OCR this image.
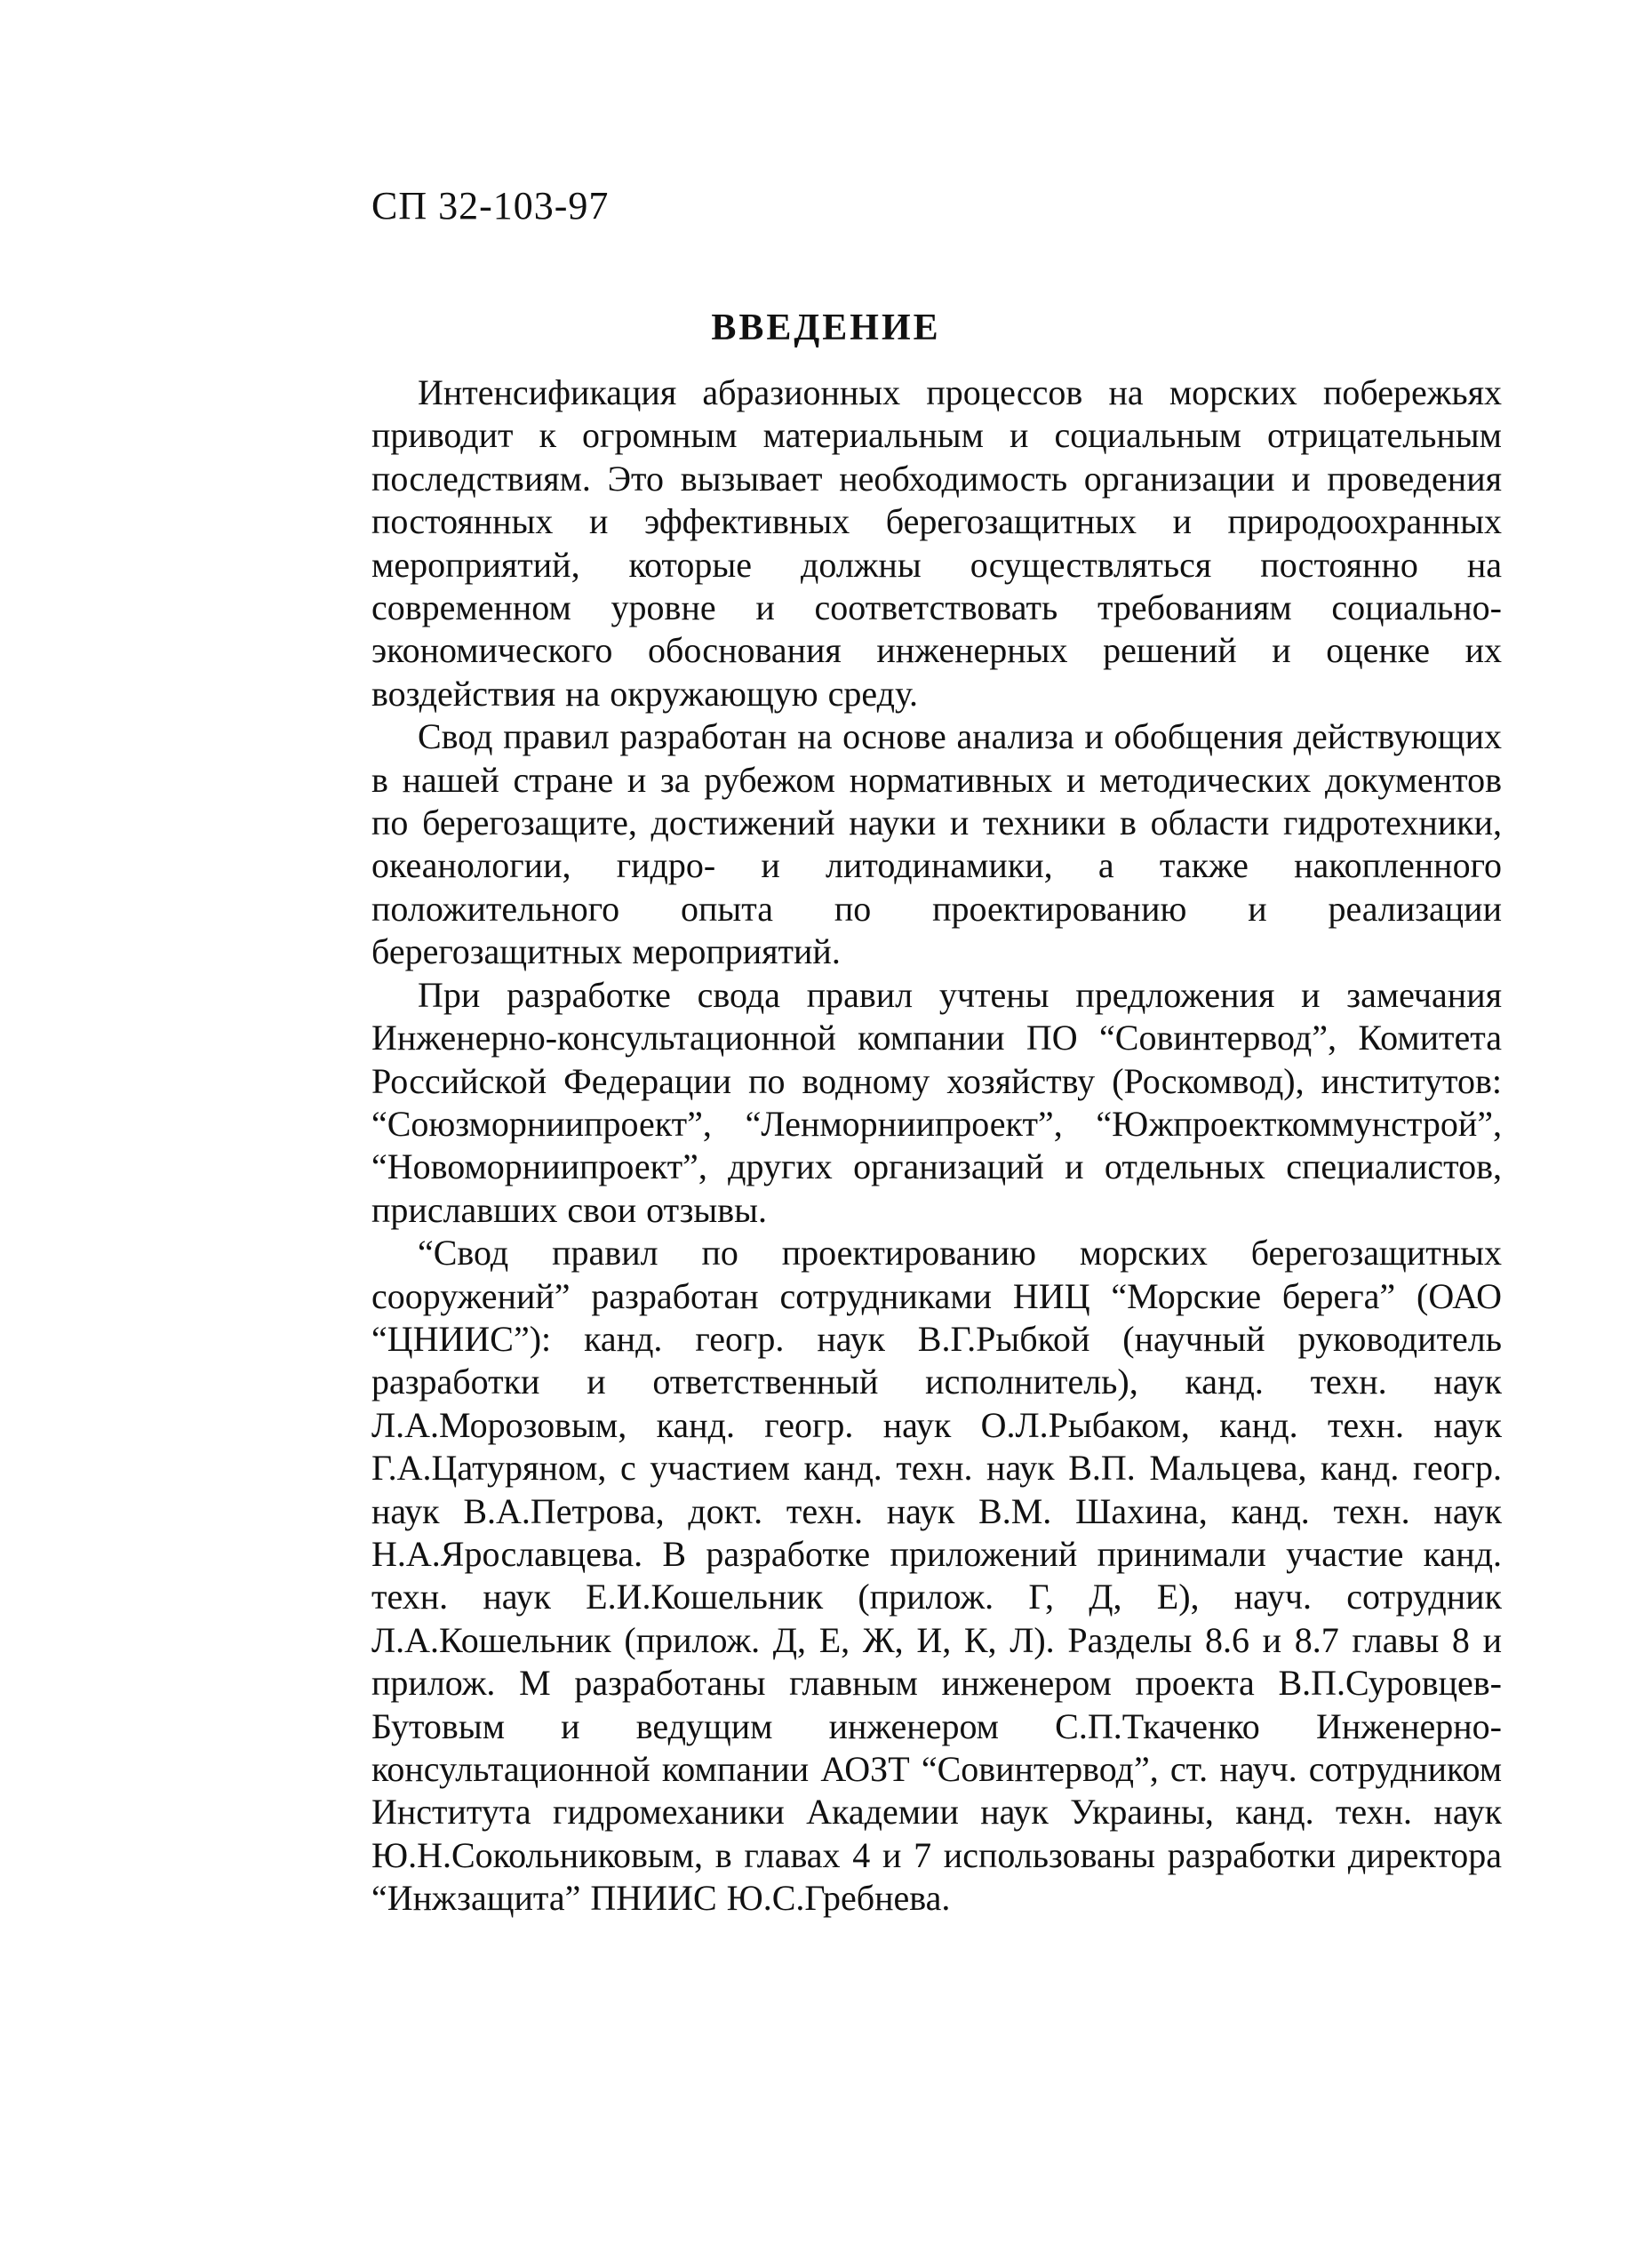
СП 32-103-97
ВВЕДЕНИЕ

Интенсификация абразионных процессов на морских побережьях приводит к огромным материальным и социальным отрицательным последствиям. Это вызывает необходимость организации и проведения постоянных и эффективных берегозащитных и природоохранных мероприятий, которые должны осуществляться постоянно на современном уровне и соответствовать требованиям социально-экономического обоснования инженерных решений и оценке их воздействия на окружающую среду.

Свод правил разработан на основе анализа и обобщения действующих в нашей стране и за рубежом нормативных и методических документов по берегозащите, достижений науки и техники в области гидротехники, океанологии, гидро- и литодинамики, а также накопленного положительного опыта по проектированию и реализации берегозащитных мероприятий.

При разработке свода правил учтены предложения и замечания Инженерно-консультационной компании ПО “Совинтервод”, Комитета Российской Федерации по водному хозяйству (Роскомвод), институтов: “Союзморниипроект”, “Ленморниипроект”, “Южпроекткоммунстрой”, “Новоморниипроект”, других организаций и отдельных специалистов, приславших свои отзывы.

“Свод правил по проектированию морских берегозащитных сооружений” разработан сотрудниками НИЦ “Морские берега” (ОАО “ЦНИИС”): канд. геогр. наук В.Г.Рыбкой (научный руководитель разработки и ответственный исполнитель), канд. техн. наук Л.А.Морозовым, канд. геогр. наук О.Л.Рыбаком, канд. техн. наук Г.А.Цатуряном, с участием канд. техн. наук В.П. Мальцева, канд. геогр. наук В.А.Петрова, докт. техн. наук В.М. Шахина, канд. техн. наук Н.А.Ярославцева. В разработке приложений принимали участие канд. техн. наук Е.И.Кошельник (прилож. Г, Д, Е), науч. сотрудник Л.А.Кошельник (прилож. Д, Е, Ж, И, К, Л). Разделы 8.6 и 8.7 главы 8 и прилож. М разработаны главным инженером проекта В.П.Суровцев-Бутовым и ведущим инженером С.П.Ткаченко Инженерно-консультационной компании АОЗТ “Совинтервод”, ст. науч. сотрудником Института гидромеханики Академии наук Украины, канд. техн. наук Ю.Н.Сокольниковым, в главах 4 и 7 использованы разработки директора “Инжзащита” ПНИИС Ю.С.Гребнева.
